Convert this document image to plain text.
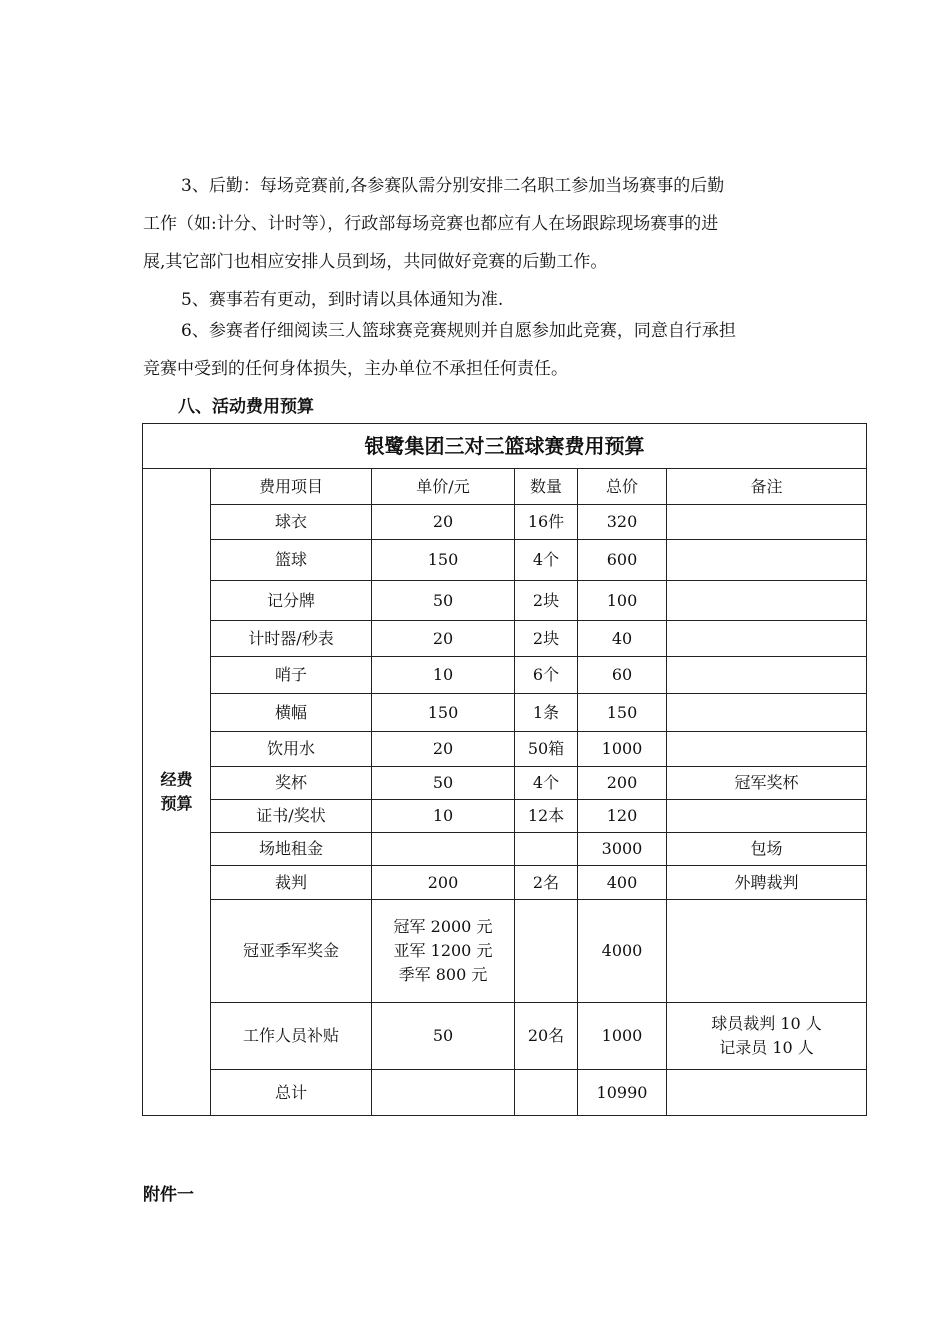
3、后勤：每场竞赛前,各参赛队需分别安排二名职工参加当场赛事的后勤
工作（如:计分、计时等），行政部每场竞赛也都应有人在场跟踪现场赛事的进
展,其它部门也相应安排人员到场，共同做好竞赛的后勤工作。
5、赛事若有更动，到时请以具体通知为准.
6、参赛者仔细阅读三人篮球赛竞赛规则并自愿参加此竞赛，同意自行承担
竞赛中受到的任何身体损失，主办单位不承担任何责任。
八、活动费用预算
银鹭集团三对三篮球赛费用预算					

经费
预算	费用项目	单价/元	数量	总价	备注
	球衣	20	16件	320	
	篮球	150	4个	600	
	记分牌	50	2块	100	
	计时器/秒表	20	2块	40	
	哨子	10	6个	60	
	横幅	150	1条	150	
	饮用水	20	50箱	1000	
	奖杯	50	4个	200	冠军奖杯
	证书/奖状	10	12本	120	
	场地租金			3000	包场
	裁判	200	2名	400	外聘裁判
	冠亚季军奖金	冠军 2000 元
亚军 1200 元
季军 800 元		4000	
	工作人员补贴	50	20名	1000	球员裁判 10 人
记录员 10 人

	总计			10990	
附件一
